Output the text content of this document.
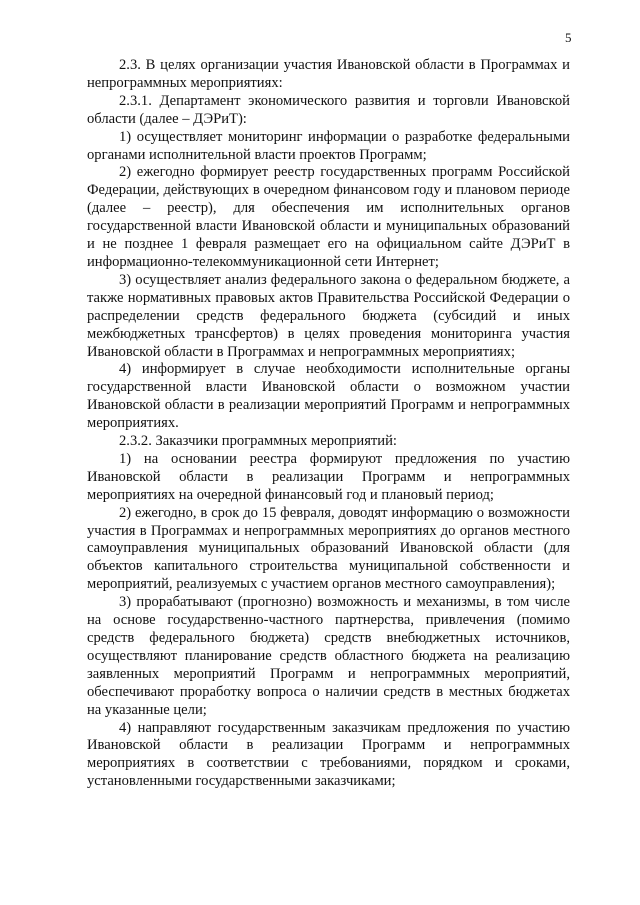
5

2.3. В целях организации участия Ивановской области в Программах и непрограммных мероприятиях:

2.3.1. Департамент экономического развития и торговли Ивановской области (далее – ДЭРиТ):

1) осуществляет мониторинг информации о разработке федеральными органами исполнительной власти проектов Программ;

2) ежегодно формирует реестр государственных программ Российской Федерации, действующих в очередном финансовом году и плановом периоде (далее – реестр), для обеспечения им исполнительных органов государственной власти Ивановской области и муниципальных образований и не позднее 1 февраля размещает его на официальном сайте ДЭРиТ в информационно-телекоммуникационной сети Интернет;

3) осуществляет анализ федерального закона о федеральном бюджете, а также нормативных правовых актов Правительства Российской Федерации о распределении средств федерального бюджета (субсидий и иных межбюджетных трансфертов) в целях проведения мониторинга участия Ивановской области в Программах и непрограммных мероприятиях;

4) информирует в случае необходимости исполнительные органы государственной власти Ивановской области о возможном участии Ивановской области в реализации мероприятий Программ и непрограммных мероприятиях.

2.3.2. Заказчики программных мероприятий:

1) на основании реестра формируют предложения по участию Ивановской области в реализации Программ и непрограммных мероприятиях на очередной финансовый год и плановый период;

2) ежегодно, в срок до 15 февраля, доводят информацию о возможности участия в Программах и непрограммных мероприятиях до органов местного самоуправления муниципальных образований Ивановской области (для объектов капитального строительства муниципальной собственности и мероприятий, реализуемых с участием органов местного самоуправления);

3) прорабатывают (прогнозно) возможность и механизмы, в том числе на основе государственно-частного партнерства, привлечения (помимо средств федерального бюджета) средств внебюджетных источников, осуществляют планирование средств областного бюджета на реализацию заявленных мероприятий Программ и непрограммных мероприятий, обеспечивают проработку вопроса о наличии средств в местных бюджетах на указанные цели;

4) направляют государственным заказчикам предложения по участию Ивановской области в реализации Программ и непрограммных мероприятиях в соответствии с требованиями, порядком и сроками, установленными государственными заказчиками;
